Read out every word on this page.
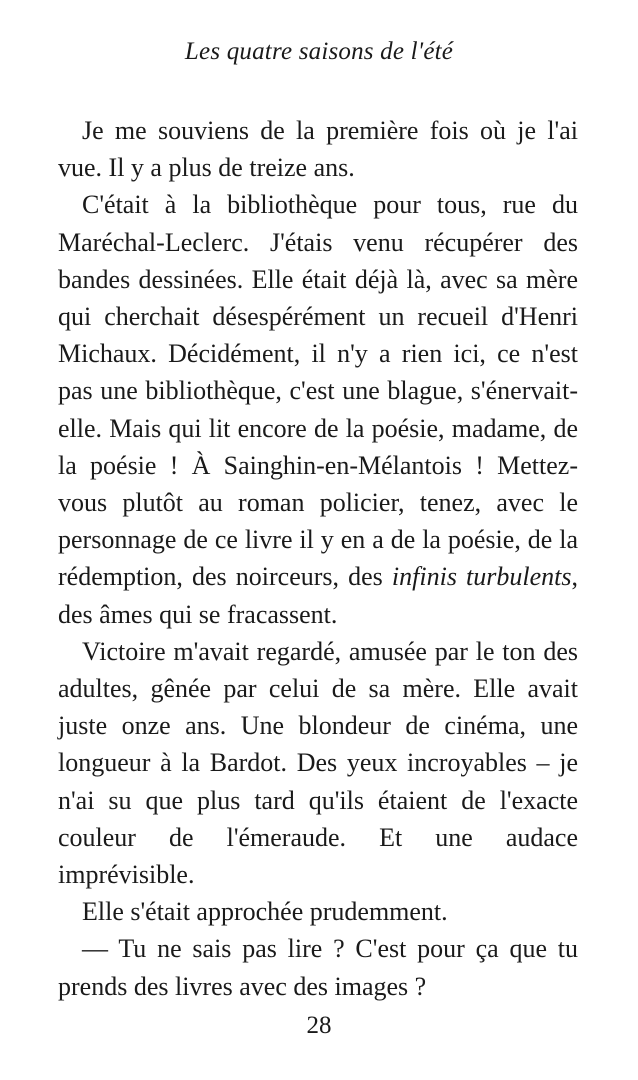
Les quatre saisons de l'été

Je me souviens de la première fois où je l'ai vue. Il y a plus de treize ans.

C'était à la bibliothèque pour tous, rue du Maréchal-Leclerc. J'étais venu récupérer des bandes dessinées. Elle était déjà là, avec sa mère qui cherchait désespérément un recueil d'Henri Michaux. Décidément, il n'y a rien ici, ce n'est pas une bibliothèque, c'est une blague, s'énervait-elle. Mais qui lit encore de la poésie, madame, de la poésie ! À Sainghin-en-Mélantois ! Mettez-vous plutôt au roman policier, tenez, avec le personnage de ce livre il y en a de la poésie, de la rédemption, des noirceurs, des infinis turbulents, des âmes qui se fracassent.

Victoire m'avait regardé, amusée par le ton des adultes, gênée par celui de sa mère. Elle avait juste onze ans. Une blondeur de cinéma, une longueur à la Bardot. Des yeux incroyables – je n'ai su que plus tard qu'ils étaient de l'exacte couleur de l'émeraude. Et une audace imprévisible.

Elle s'était approchée prudemment.

— Tu ne sais pas lire ? C'est pour ça que tu prends des livres avec des images ?

28
